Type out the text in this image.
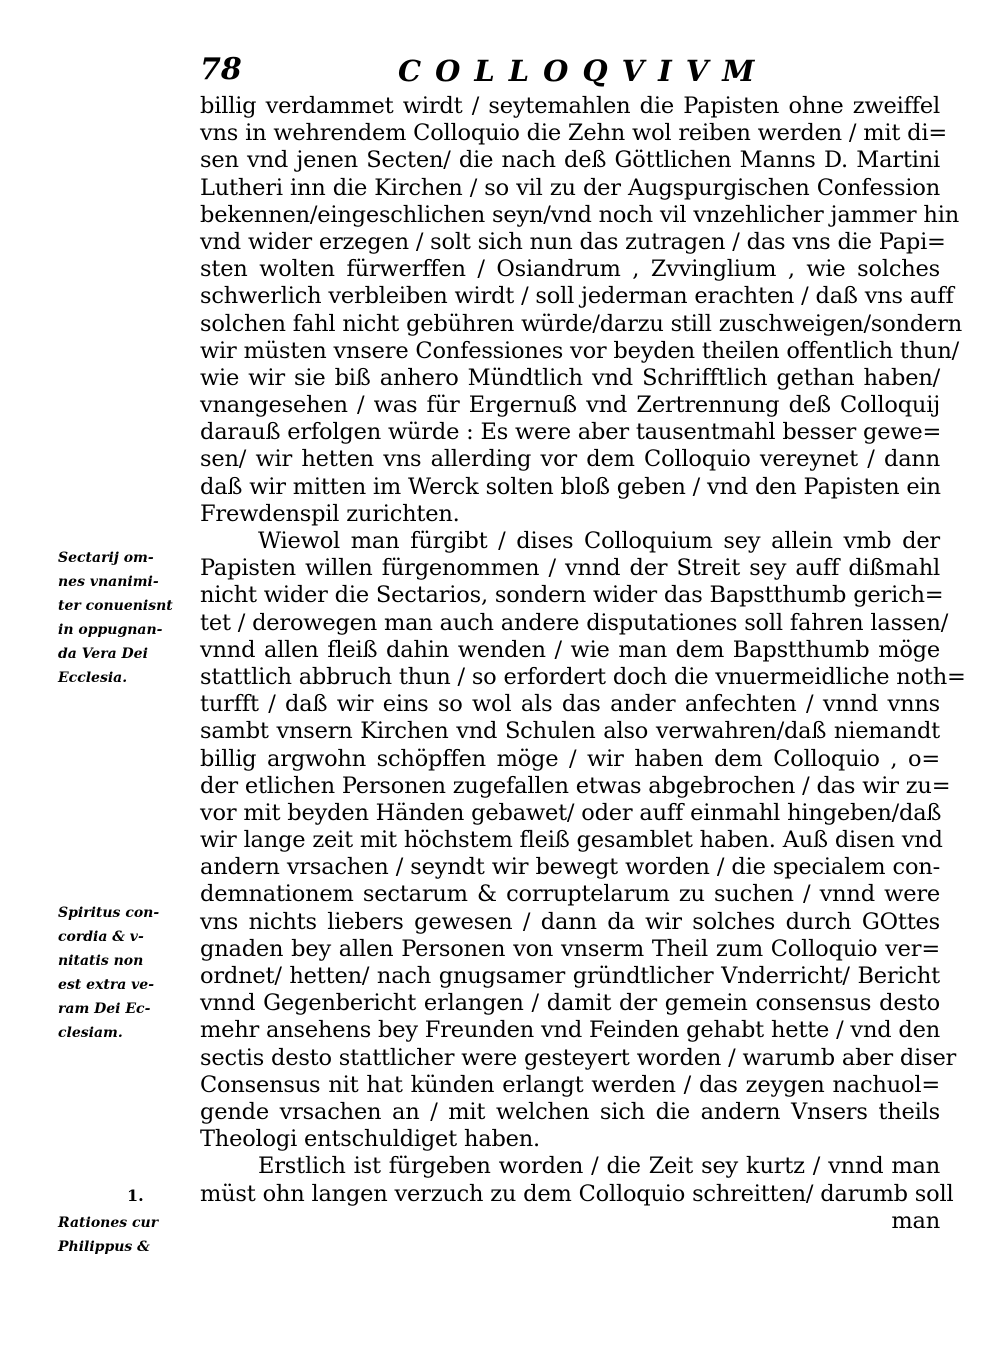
78	COLLOQVIVM
billig verdammet wirdt / seytemahlen die Papisten ohne zweiffel
vns in wehrendem Colloquio die Zehn wol reiben werden / mit di=
sen vnd jenen Secten/ die nach deß Göttlichen Manns D. Martini
Lutheri inn die Kirchen / so vil zu der Augspurgischen Confession
bekennen/eingeschlichen seyn/vnd noch vil vnzehlicher jammer hin
vnd wider erzegen / solt sich nun das zutragen / das vns die Papi=
sten wolten fürwerffen / Osiandrum , Zvvinglium , wie solches
schwerlich verbleiben wirdt / soll jederman erachten / daß vns auff
solchen fahl nicht gebühren würde/darzu still zuschweigen/sondern
wir müsten vnsere Confessiones vor beyden theilen offentlich thun/
wie wir sie biß anhero Mündtlich vnd Schrifftlich gethan haben/
vnangesehen / was für Ergernuß vnd Zertrennung deß Colloquij
darauß erfolgen würde : Es were aber tausentmahl besser gewe=
sen/ wir hetten vns allerding vor dem Colloquio vereynet / dann
daß wir mitten im Werck solten bloß geben / vnd den Papisten ein
Frewdenspil zurichten.
Wiewol man fürgibt / dises Colloquium sey allein vmb der
Papisten willen fürgenommen / vnnd der Streit sey auff dißmahl
nicht wider die Sectarios, sondern wider das Bapstthumb gerich=
tet / derowegen man auch andere disputationes soll fahren lassen/
vnnd allen fleiß dahin wenden / wie man dem Bapstthumb möge
stattlich abbruch thun / so erfordert doch die vnuermeidliche noth=
turfft / daß wir eins so wol als das ander anfechten / vnnd vnns
sambt vnsern Kirchen vnd Schulen also verwahren/daß niemandt
billig argwohn schöpffen möge / wir haben dem Colloquio , o=
der etlichen Personen zugefallen etwas abgebrochen / das wir zu=
vor mit beyden Händen gebawet/ oder auff einmahl hingeben/daß
wir lange zeit mit höchstem fleiß gesamblet haben. Auß disen vnd
andern vrsachen / seyndt wir bewegt worden / die specialem con-
demnationem sectarum & corruptelarum zu suchen / vnnd were
vns nichts liebers gewesen / dann da wir solches durch GOttes
gnaden bey allen Personen von vnserm Theil zum Colloquio ver=
ordnet/ hetten/ nach gnugsamer gründtlicher Vnderricht/ Bericht
vnnd Gegenbericht erlangen / damit der gemein consensus desto
mehr ansehens bey Freunden vnd Feinden gehabt hette / vnd den
sectis desto stattlicher were gesteyert worden / warumb aber diser
Consensus nit hat künden erlangt werden / das zeygen nachuol=
gende vrsachen an / mit welchen sich die andern Vnsers theils
Theologi entschuldiget haben.
Erstlich ist fürgeben worden / die Zeit sey kurtz / vnnd man
müst ohn langen verzuch zu dem Colloquio schreitten/ darumb soll
man
Sectarij om-
nes vnanimi-
ter conuenisnt
in oppugnan-
da Vera Dei
Ecclesia.
Spiritus con-
cordia & v-
nitatis non
est extra ve-
ram Dei Ec-
clesiam.
1.
Rationes cur
Philippus &
